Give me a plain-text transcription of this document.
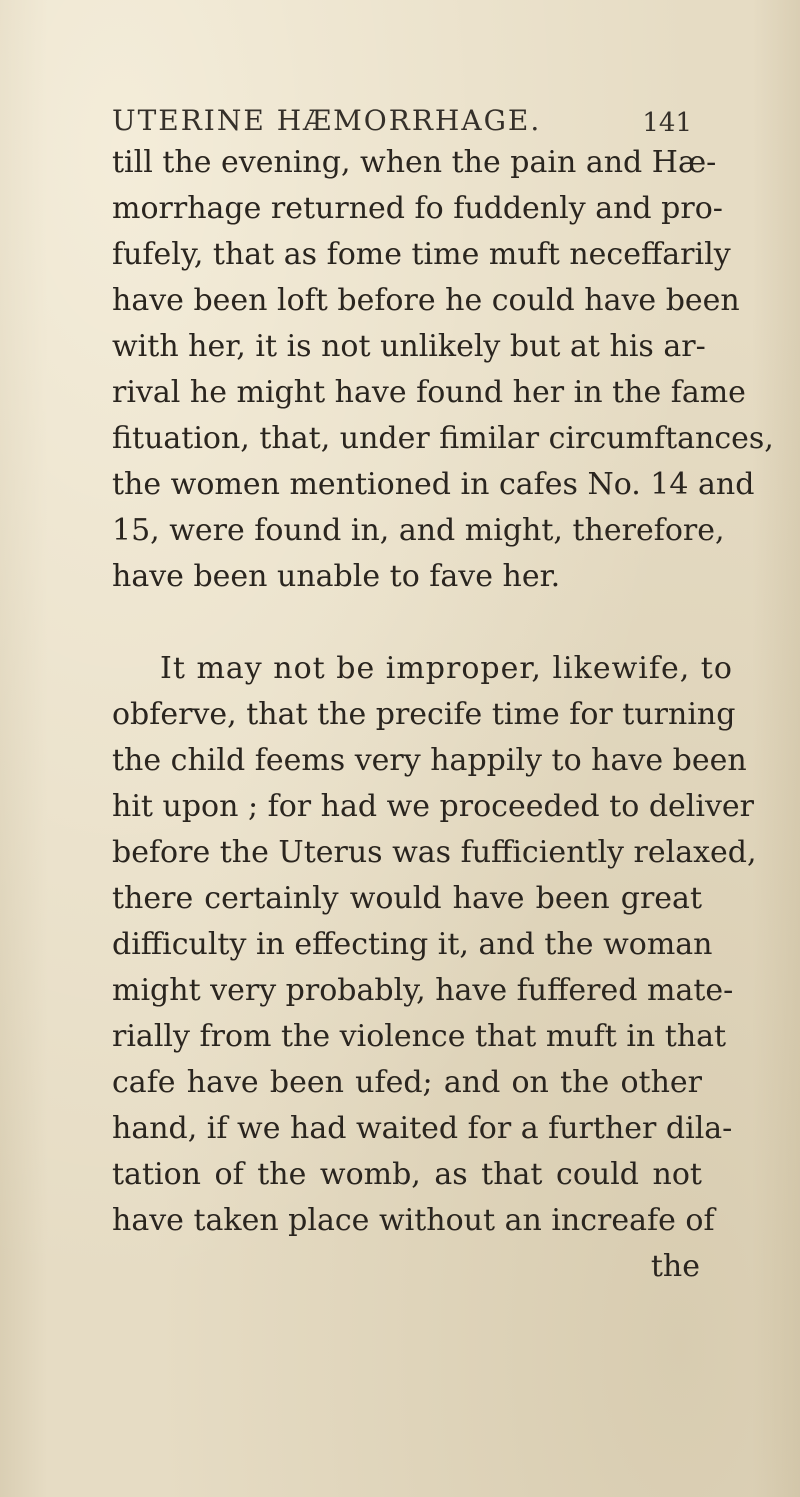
UTERINE HÆMORRHAGE.	141
till the evening, when the pain and Hæ-
morrhage returned fo fuddenly and pro-
fufely, that as fome time muft neceffarily
have been loft before he could have been
with her, it is not unlikely but at his ar-
rival he might have found her in the fame
fituation, that, under fimilar circumftances,
the women mentioned in cafes No. 14 and
15, were found in, and might, therefore,
have been unable to fave her.
It may not be improper, likewife, to
obferve, that the precife time for turning
the child feems very happily to have been
hit upon ; for had we proceeded to deliver
before the Uterus was fufficiently relaxed,
there certainly would have been great
difficulty in effecting it, and the woman
might very probably, have fuffered mate-
rially from the violence that muft in that
cafe have been ufed; and on the other
hand, if we had waited for a further dila-
tation of the womb, as that could not
have taken place without an increafe of
the
